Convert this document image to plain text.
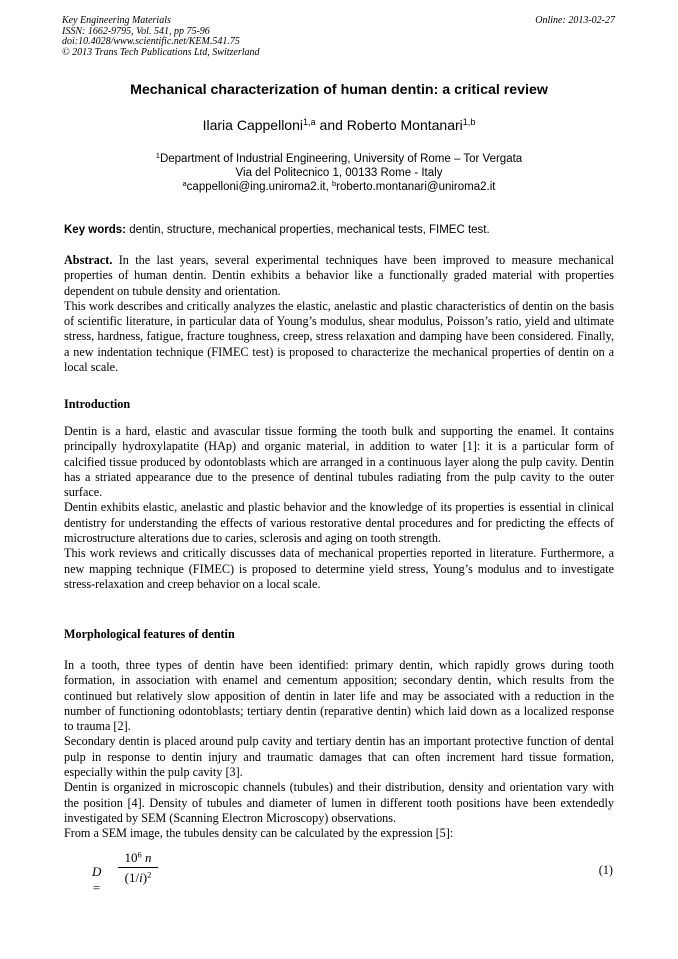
Key Engineering Materials
ISSN: 1662-9795, Vol. 541, pp 75-96
doi:10.4028/www.scientific.net/KEM.541.75
© 2013 Trans Tech Publications Ltd, Switzerland
Online: 2013-02-27
Mechanical characterization of human dentin: a critical review
Ilaria Cappelloni$^{1,a}$ and Roberto Montanari$^{1,b}$
$^1$Department of Industrial Engineering, University of Rome – Tor Vergata
Via del Politecnico 1, 00133 Rome - Italy
$^a$cappelloni@ing.uniroma2.it, $^b$roberto.montanari@uniroma2.it
Key words: dentin, structure, mechanical properties, mechanical tests, FIMEC test.

Abstract. In the last years, several experimental techniques have been improved to measure mechanical properties of human dentin. Dentin exhibits a behavior like a functionally graded material with properties dependent on tubule density and orientation.

This work describes and critically analyzes the elastic, anelastic and plastic characteristics of dentin on the basis of scientific literature, in particular data of Young’s modulus, shear modulus, Poisson’s ratio, yield and ultimate stress, hardness, fatigue, fracture toughness, creep, stress relaxation and damping have been considered. Finally, a new indentation technique (FIMEC test) is proposed to characterize the mechanical properties of dentin on a local scale.

Introduction

Dentin is a hard, elastic and avascular tissue forming the tooth bulk and supporting the enamel. It contains principally hydroxylapatite (HAp) and organic material, in addition to water [1]: it is a particular form of calcified tissue produced by odontoblasts which are arranged in a continuous layer along the pulp cavity. Dentin has a striated appearance due to the presence of dentinal tubules radiating from the pulp cavity to the outer surface.

Dentin exhibits elastic, anelastic and plastic behavior and the knowledge of its properties is essential in clinical dentistry for understanding the effects of various restorative dental procedures and for predicting the effects of microstructure alterations due to caries, sclerosis and aging on tooth strength.

This work reviews and critically discusses data of mechanical properties reported in literature. Furthermore, a new mapping technique (FIMEC) is proposed to determine yield stress, Young’s modulus and to investigate stress-relaxation and creep behavior on a local scale.

Morphological features of dentin

In a tooth, three types of dentin have been identified: primary dentin, which rapidly grows during tooth formation, in association with enamel and cementum apposition; secondary dentin, which results from the continued but relatively slow apposition of dentin in later life and may be associated with a reduction in the number of functioning odontoblasts; tertiary dentin (reparative dentin) which laid down as a localized response to trauma [2].

Secondary dentin is placed around pulp cavity and tertiary dentin has an important protective function of dental pulp in response to dentin injury and traumatic damages that can often increment hard tissue formation, especially within the pulp cavity [3].

Dentin is organized in microscopic channels (tubules) and their distribution, density and orientation vary with the position [4]. Density of tubules and diameter of lumen in different tooth positions have been extendedly investigated by SEM (Scanning Electron Microscopy) observations.

From a SEM image, the tubules density can be calculated by the expression [5]:

D =
$\frac{10^6 n}{(1/i)^2}$	(1)
